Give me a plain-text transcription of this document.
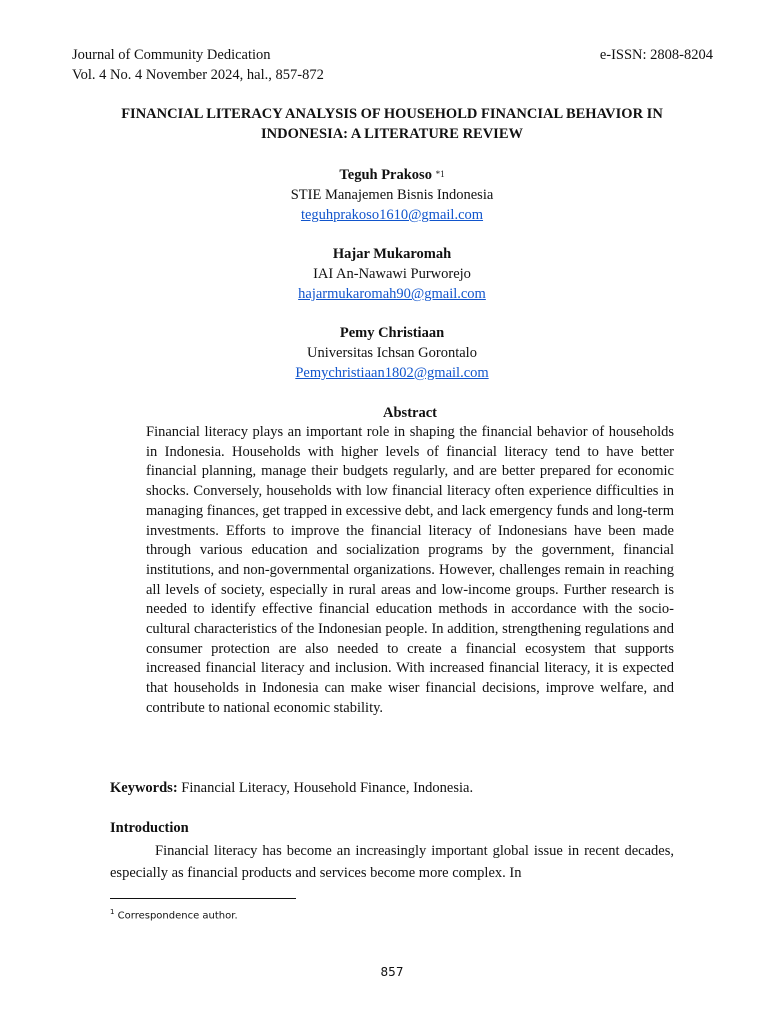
Journal of Community Dedication
Vol. 4 No. 4 November 2024, hal., 857-872
e-ISSN: 2808-8204
FINANCIAL LITERACY ANALYSIS OF HOUSEHOLD FINANCIAL BEHAVIOR IN INDONESIA: A LITERATURE REVIEW
Teguh Prakoso $^{*1}$
STIE Manajemen Bisnis Indonesia
teguhprakoso1610@gmail.com
Hajar Mukaromah
IAI An-Nawawi Purworejo
hajarmukaromah90@gmail.com
Pemy Christiaan
Universitas Ichsan Gorontalo
Pemychristiaan1802@gmail.com
Abstract

Financial literacy plays an important role in shaping the financial behavior of households in Indonesia. Households with higher levels of financial literacy tend to have better financial planning, manage their budgets regularly, and are better prepared for economic shocks. Conversely, households with low financial literacy often experience difficulties in managing finances, get trapped in excessive debt, and lack emergency funds and long-term investments. Efforts to improve the financial literacy of Indonesians have been made through various education and socialization programs by the government, financial institutions, and non-governmental organizations. However, challenges remain in reaching all levels of society, especially in rural areas and low-income groups. Further research is needed to identify effective financial education methods in accordance with the socio-cultural characteristics of the Indonesian people. In addition, strengthening regulations and consumer protection are also needed to create a financial ecosystem that supports increased financial literacy and inclusion. With increased financial literacy, it is expected that households in Indonesia can make wiser financial decisions, improve welfare, and contribute to national economic stability.

Keywords: Financial Literacy, Household Finance, Indonesia.
Introduction

Financial literacy has become an increasingly important global issue in recent decades, especially as financial products and services become more complex. In

$^1$ Correspondence author.
857
